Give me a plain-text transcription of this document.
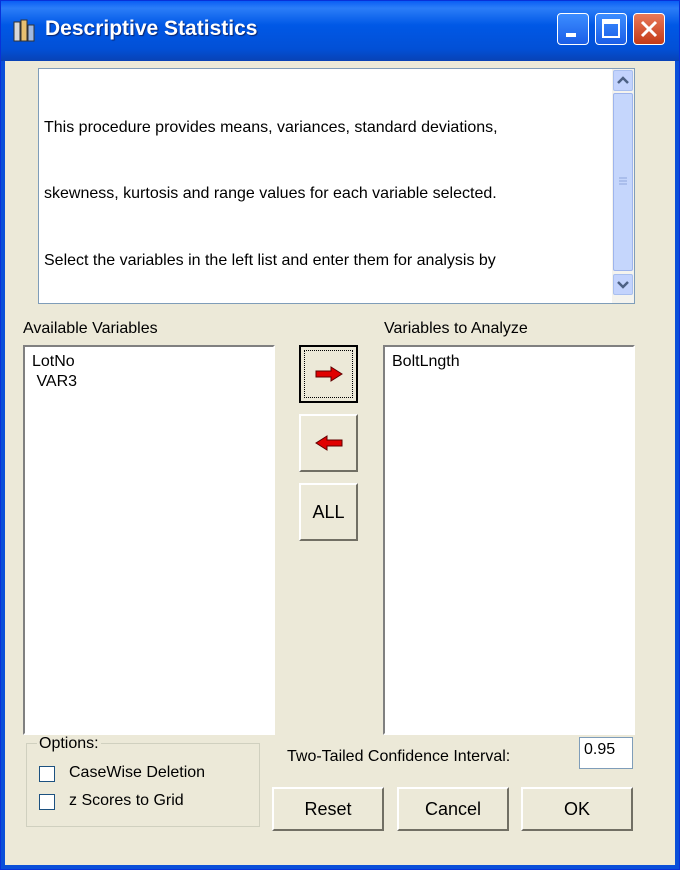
Descriptive Statistics

This procedure provides means, variances, standard deviations,

skewness, kurtosis and range values for each variable selected.

Select the variables in the left list and enter them for analysis by

Available Variables	Variables to Analyze
LotNo
VAR3
BoltLngth
ALL
Options:
CaseWise Deletion
z Scores to Grid
Two-Tailed Confidence Interval:	0.95
Reset	Cancel	OK
